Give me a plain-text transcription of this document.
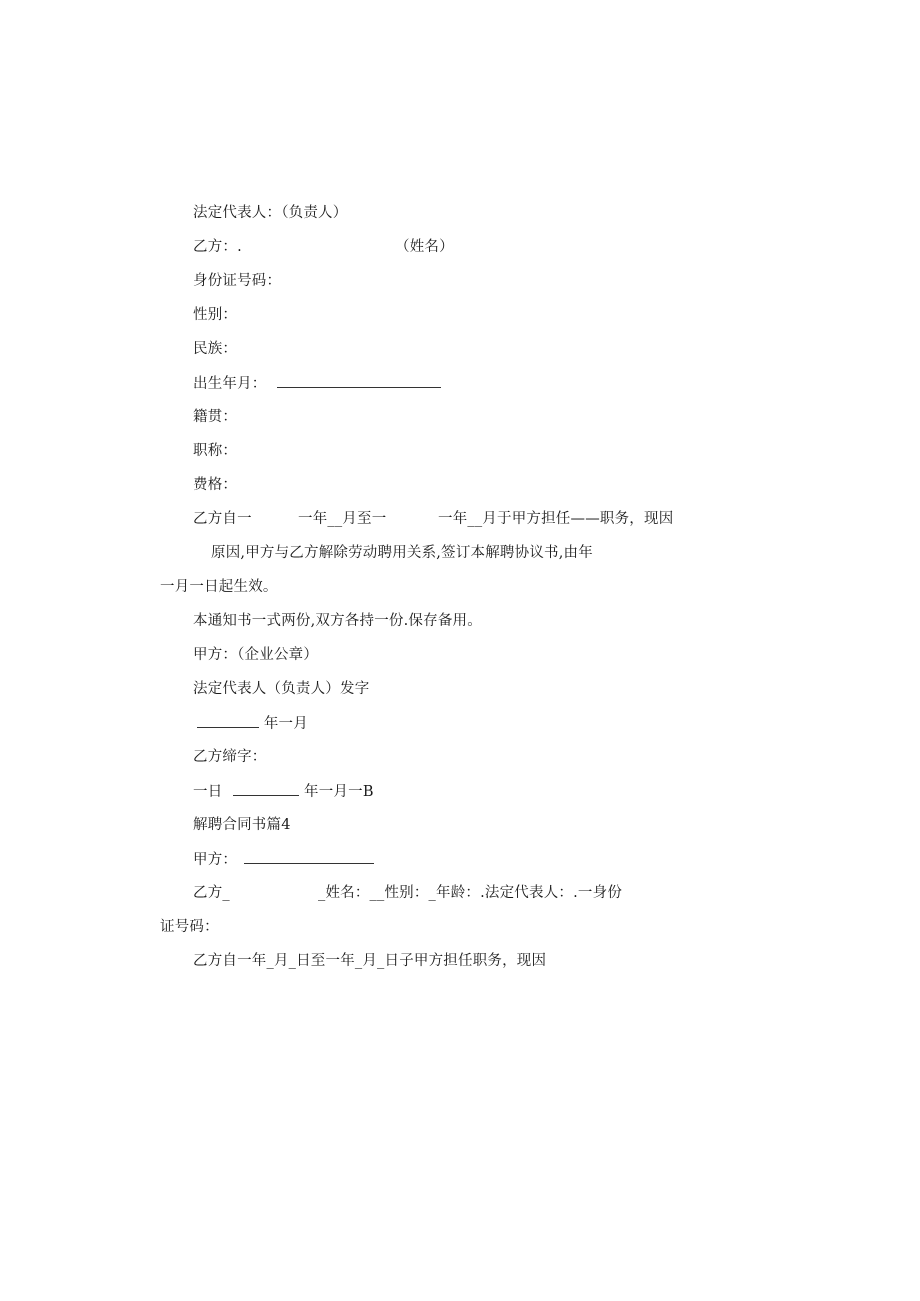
法定代表人：（负责人）
乙方：.	（姓名）
身份证号码：
性别：
民族：
出生年月：
籍贯：
职称：
费格：
乙方自一	一年__月至一	一年__月于甲方担任——职务，现因
原因,甲方与乙方解除劳动聘用关系,签订本解聘协议书,由年
一月一日起生效。
本通知书一式两份,双方各持一份.保存备用。
甲方：（企业公章）
法定代表人（负责人）发字
年一月
乙方缔字：
一日	年一月一B
解聘合同书篇4
甲方：
乙方_	_姓名：__性别：_年龄：.法定代表人：.一身份
证号码：
乙方自一年_月_日至一年_月_日子甲方担任职务，现因
